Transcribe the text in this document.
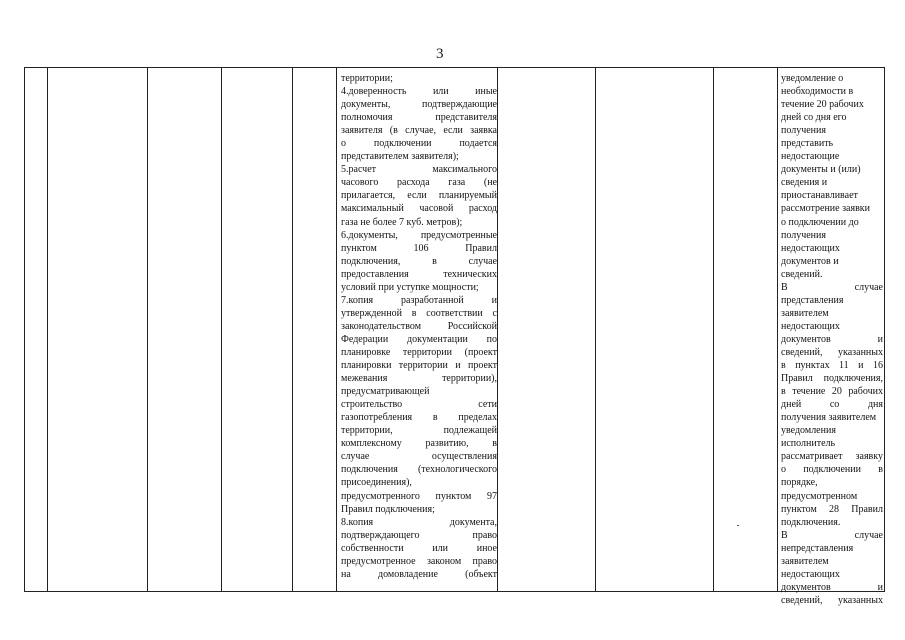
3
территории;
4.доверенность или иные
документы, подтверждающие
полномочия представителя
заявителя (в случае, если заявка
о подключении подается
представителем заявителя);
5.расчет максимального
часового расхода газа (не
прилагается, если планируемый
максимальный часовой расход
газа не более 7 куб. метров);
6.документы, предусмотренные
пунктом 106 Правил
подключения, в случае
предоставления технических
условий при уступке мощности;
7.копия разработанной и
утвержденной в соответствии с
законодательством Российской
Федерации документации по
планировке территории (проект
планировки территории и проект
межевания территории),
предусматривающей
строительство сети
газопотребления в пределах
территории, подлежащей
комплексному развитию, в
случае осуществления
подключения (технологического
присоединения),
предусмотренного пунктом 97
Правил подключения;
8.копия документа,
подтверждающего право
собственности или иное
предусмотренное законом право
на домовладение (объект
уведомление о
необходимости в
течение 20 рабочих
дней со дня его
получения
представить
недостающие
документы и (или)
сведения и
приостанавливает
рассмотрение заявки
о подключении до
получения
недостающих
документов и
сведений.
В случае
представления
заявителем
недостающих
документов и
сведений, указанных
в пунктах 11 и 16
Правил подключения,
в течение 20 рабочих
дней со дня
получения заявителем
уведомления
исполнитель
рассматривает заявку
о подключении в
порядке,
предусмотренном
пунктом 28 Правил
подключения.
В случае
непредставления
заявителем
недостающих
документов и
сведений, указанных
